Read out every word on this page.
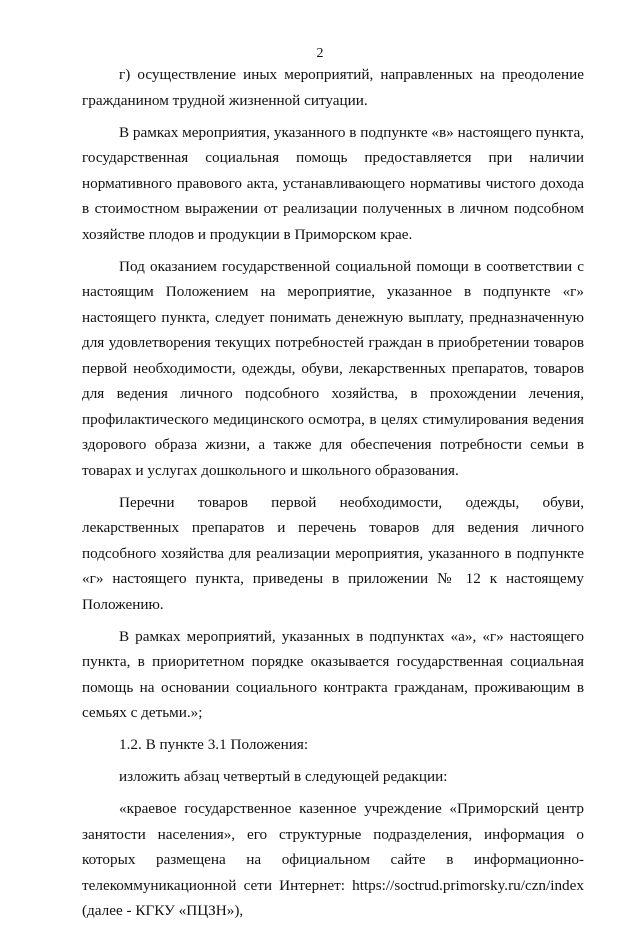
2

г) осуществление иных мероприятий, направленных на преодоление гражданином трудной жизненной ситуации.

В рамках мероприятия, указанного в подпункте «в» настоящего пункта, государственная социальная помощь предоставляется при наличии нормативного правового акта, устанавливающего нормативы чистого дохода в стоимостном выражении от реализации полученных в личном подсобном хозяйстве плодов и продукции в Приморском крае.

Под оказанием государственной социальной помощи в соответствии с настоящим Положением на мероприятие, указанное в подпункте «г» настоящего пункта, следует понимать денежную выплату, предназначенную для удовлетворения текущих потребностей граждан в приобретении товаров первой необходимости, одежды, обуви, лекарственных препаратов, товаров для ведения личного подсобного хозяйства, в прохождении лечения, профилактического медицинского осмотра, в целях стимулирования ведения здорового образа жизни, а также для обеспечения потребности семьи в товарах и услугах дошкольного и школьного образования.

Перечни товаров первой необходимости, одежды, обуви, лекарственных препаратов и перечень товаров для ведения личного подсобного хозяйства для реализации мероприятия, указанного в подпункте «г» настоящего пункта, приведены в приложении № 12 к настоящему Положению.

В рамках мероприятий, указанных в подпунктах «а», «г» настоящего пункта, в приоритетном порядке оказывается государственная социальная помощь на основании социального контракта гражданам, проживающим в семьях с детьми.»;

1.2. В пункте 3.1 Положения:

изложить абзац четвертый в следующей редакции:

«краевое государственное казенное учреждение «Приморский центр занятости населения», его структурные подразделения, информация о которых размещена на официальном сайте в информационно-телекоммуникационной сети Интернет: https://soctrud.primorsky.ru/czn/index (далее - КГКУ «ПЦЗН»),
